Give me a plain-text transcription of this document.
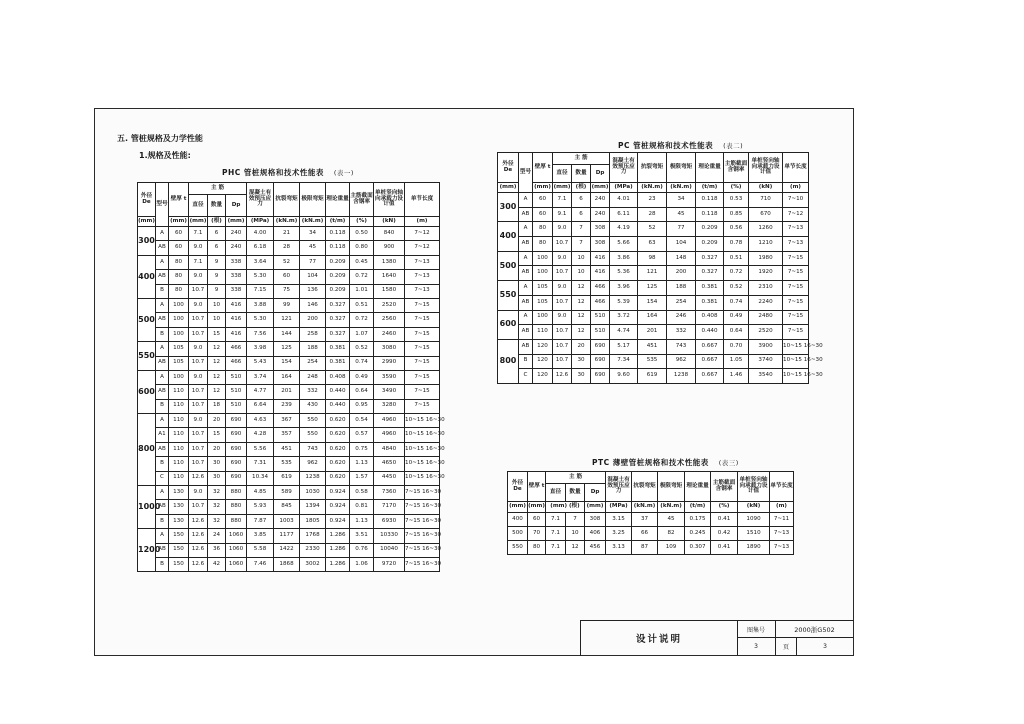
.
五. 管桩规格及力学性能
1.规格及性能:
PHC 管桩规格和技术性能表 (表一)
外径 De	型号	壁厚 t	主 筋			混凝土有效预压应力	抗裂弯矩	极限弯矩	理论重量	主筋截面含钢率	单桩竖向轴向承载力设计值	单节长度
			直径	数量	Dp							
(mm)		(mm)	(mm)	(根)	(mm)	(MPa)	(kN.m)	(kN.m)	(t/m)	(%)	(kN)	(m)
300	A	60	7.1	6	240	4.00	21	34	0.118	0.50	840	7~12
	AB	60	9.0	6	240	6.18	28	45	0.118	0.80	900	7~12
400	A	80	7.1	9	338	3.64	52	77	0.209	0.45	1380	7~13
	AB	80	9.0	9	338	5.30	60	104	0.209	0.72	1640	7~13
	B	80	10.7	9	338	7.15	75	136	0.209	1.01	1580	7~13
500	A	100	9.0	10	416	3.88	99	146	0.327	0.51	2520	7~15
	AB	100	10.7	10	416	5.30	121	200	0.327	0.72	2560	7~15
	B	100	10.7	15	416	7.56	144	258	0.327	1.07	2460	7~15
550	A	105	9.0	12	466	3.98	125	188	0.381	0.52	3080	7~15
	AB	105	10.7	12	466	5.43	154	254	0.381	0.74	2990	7~15
600	A	100	9.0	12	510	3.74	164	248	0.408	0.49	3590	7~15
	AB	110	10.7	12	510	4.77	201	332	0.440	0.64	3490	7~15
	B	110	10.7	18	510	6.64	239	430	0.440	0.95	3280	7~15
800	A	110	9.0	20	690	4.63	367	550	0.620	0.54	4960	10~15 16~30
	A1	110	10.7	15	690	4.28	357	550	0.620	0.57	4960	10~15 16~30
	AB	110	10.7	20	690	5.56	451	743	0.620	0.75	4840	10~15 16~30
	B	110	10.7	30	690	7.31	535	962	0.620	1.13	4650	10~15 16~30
	C	110	12.6	30	690	10.34	619	1238	0.620	1.57	4450	10~15 16~30
1000	A	130	9.0	32	880	4.85	589	1030	0.924	0.58	7360	7~15 16~30
	AB	130	10.7	32	880	5.93	845	1394	0.924	0.81	7170	7~15 16~30
	B	130	12.6	32	880	7.87	1003	1805	0.924	1.13	6930	7~15 16~30
1200	A	150	12.6	24	1060	3.85	1177	1768	1.286	3.51	10330	7~15 16~30
	AB	150	12.6	36	1060	5.58	1422	2330	1.286	0.76	10040	7~15 16~30
	B	150	12.6	42	1060	7.46	1868	3002	1.286	1.06	9720	7~15 16~30
PC 管桩规格和技术性能表 (表二)
外径 De	型号	壁厚 t	主 筋			混凝土有效预压应力	抗裂弯矩	极限弯矩	理论重量	主筋截面含钢率	单桩竖向轴向承载力设计值	单节长度
			直径	数量	Dp							
(mm)		(mm)	(mm)	(根)	(mm)	(MPa)	(kN.m)	(kN.m)	(t/m)	(%)	(kN)	(m)
300	A	60	7.1	6	240	4.01	23	34	0.118	0.53	710	7~10
	AB	60	9.1	6	240	6.11	28	45	0.118	0.85	670	7~12
400	A	80	9.0	7	308	4.19	52	77	0.209	0.56	1260	7~13
	AB	80	10.7	7	308	5.66	63	104	0.209	0.78	1210	7~13
500	A	100	9.0	10	416	3.86	98	148	0.327	0.51	1980	7~15
	AB	100	10.7	10	416	5.36	121	200	0.327	0.72	1920	7~15
550	A	105	9.0	12	466	3.96	125	188	0.381	0.52	2310	7~15
	AB	105	10.7	12	466	5.39	154	254	0.381	0.74	2240	7~15
600	A	100	9.0	12	510	3.72	164	246	0.408	0.49	2480	7~15
	AB	110	10.7	12	510	4.74	201	332	0.440	0.64	2520	7~15
800	AB	120	10.7	20	690	5.17	451	743	0.667	0.70	3900	10~15 16~30
	B	120	10.7	30	690	7.34	535	962	0.667	1.05	3740	10~15 16~30
	C	120	12.6	30	690	9.60	619	1238	0.667	1.46	3540	10~15 16~30
PTC 薄壁管桩规格和技术性能表 (表三)
外径 De	壁厚 t	主 筋			混凝土有效预压应力	抗裂弯矩	极限弯矩	理论重量	主筋截面含钢率	单桩竖向轴向承载力设计值	单节长度
		直径	数量	Dp							
(mm)	(mm)	(mm) (根)		(mm)	(MPa)	(kN.m)	(kN.m)	(t/m)	(%)	(kN)	(m)
400	60	7.1	7	308	3.15	37	45	0.175	0.41	1090	7~11
500	70	7.1	10	406	3.25	66	82	0.245	0.42	1510	7~13
550	80	7.1	12	456	3.13	87	109	0.307	0.41	1890	7~13
设计说明
图集号	2000浙G502
3	页	3
